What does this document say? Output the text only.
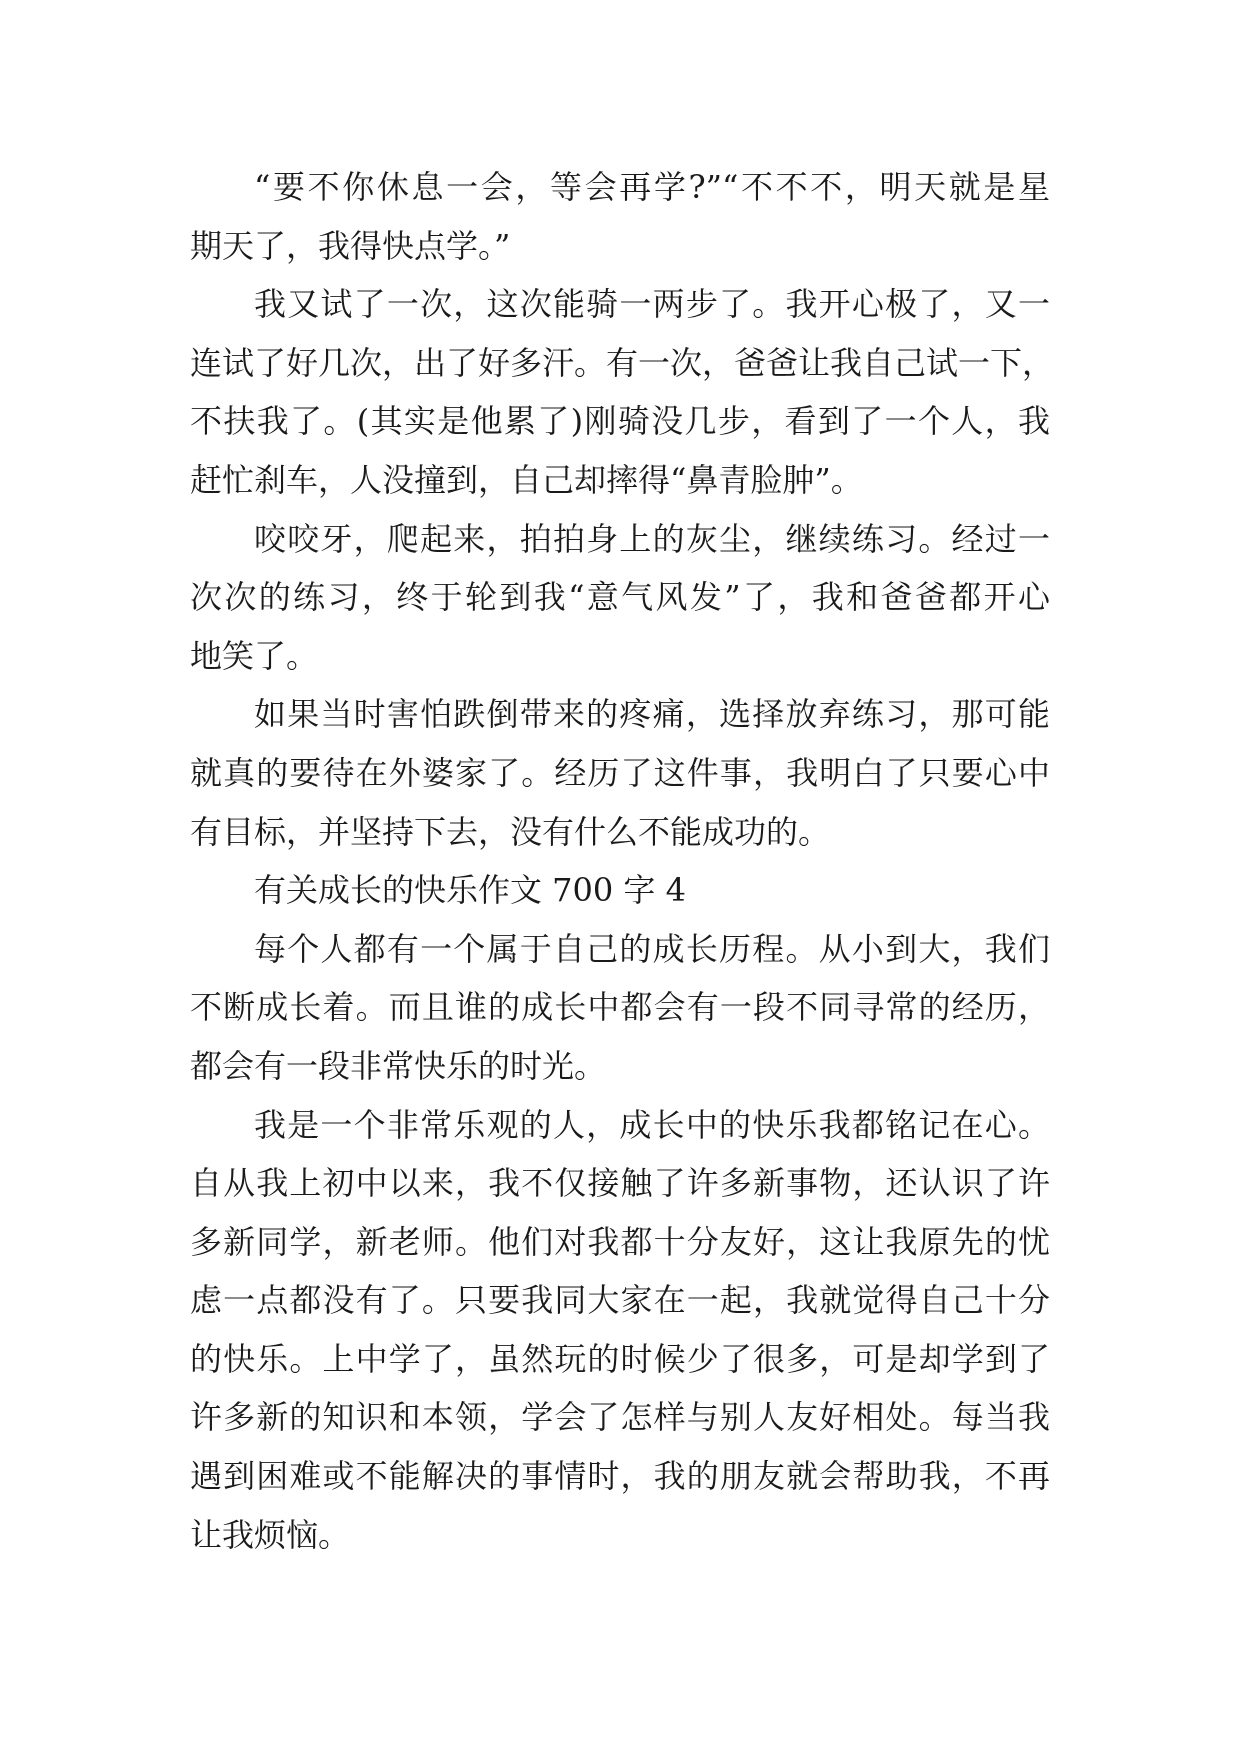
“要不你休息一会，等会再学?”“不不不，明天就是星
期天了，我得快点学。”
我又试了一次，这次能骑一两步了。我开心极了，又一
连试了好几次，出了好多汗。有一次，爸爸让我自己试一下，
不扶我了。(其实是他累了)刚骑没几步，看到了一个人，我
赶忙刹车，人没撞到，自己却摔得“鼻青脸肿”。
咬咬牙，爬起来，拍拍身上的灰尘，继续练习。经过一
次次的练习，终于轮到我“意气风发”了，我和爸爸都开心
地笑了。
如果当时害怕跌倒带来的疼痛，选择放弃练习，那可能
就真的要待在外婆家了。经历了这件事，我明白了只要心中
有目标，并坚持下去，没有什么不能成功的。
有关成长的快乐作文 700 字 4
每个人都有一个属于自己的成长历程。从小到大，我们
不断成长着。而且谁的成长中都会有一段不同寻常的经历，
都会有一段非常快乐的时光。
我是一个非常乐观的人，成长中的快乐我都铭记在心。
自从我上初中以来，我不仅接触了许多新事物，还认识了许
多新同学，新老师。他们对我都十分友好，这让我原先的忧
虑一点都没有了。只要我同大家在一起，我就觉得自己十分
的快乐。上中学了，虽然玩的时候少了很多，可是却学到了
许多新的知识和本领，学会了怎样与别人友好相处。每当我
遇到困难或不能解决的事情时，我的朋友就会帮助我，不再
让我烦恼。
